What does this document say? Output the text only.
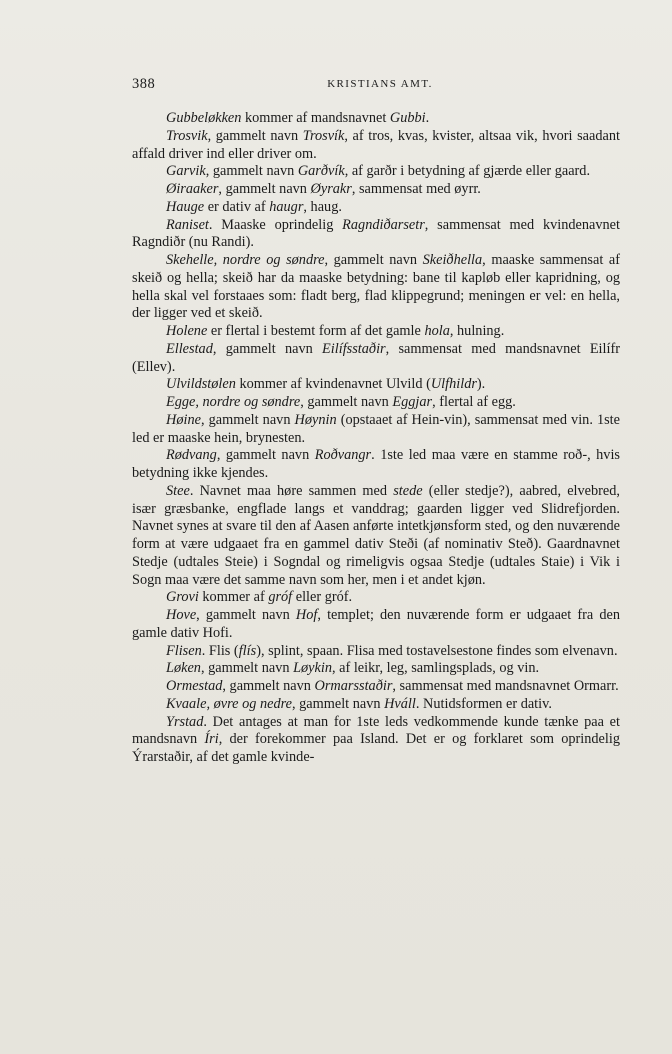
388	KRISTIANS AMT.

Gubbeløkken kommer af mandsnavnet Gubbi.

Trosvik, gammelt navn Trosvík, af tros, kvas, kvister, altsaa vik, hvori saadant affald driver ind eller driver om.

Garvik, gammelt navn Garðvík, af garðr i betydning af gjærde eller gaard.

Øiraaker, gammelt navn Øyrakr, sammensat med øyrr.

Hauge er dativ af haugr, haug.

Raniset. Maaske oprindelig Ragndiðarsetr, sammensat med kvindenavnet Ragndiðr (nu Randi).

Skehelle, nordre og søndre, gammelt navn Skeiðhella, maaske sammensat af skeið og hella; skeið har da maaske betydning: bane til kapløb eller kapridning, og hella skal vel forstaaes som: fladt berg, flad klippegrund; meningen er vel: en hella, der ligger ved et skeið.

Holene er flertal i bestemt form af det gamle hola, hulning.

Ellestad, gammelt navn Eilífsstaðir, sammensat med mandsnavnet Eilífr (Ellev).

Ulvildstølen kommer af kvindenavnet Ulvild (Ulfhildr).

Egge, nordre og søndre, gammelt navn Eggjar, flertal af egg.

Høine, gammelt navn Høynin (opstaaet af Hein-vin), sammensat med vin. 1ste led er maaske hein, brynesten.

Rødvang, gammelt navn Roðvangr. 1ste led maa være en stamme roð-, hvis betydning ikke kjendes.

Stee. Navnet maa høre sammen med stede (eller stedje?), aabred, elvebred, især græsbanke, engflade langs et vanddrag; gaarden ligger ved Slidrefjorden. Navnet synes at svare til den af Aasen anførte intetkjønsform sted, og den nuværende form at være udgaaet fra en gammel dativ Steði (af nominativ Steð). Gaardnavnet Stedje (udtales Steie) i Sogndal og rimeligvis ogsaa Stedje (udtales Staie) i Vik i Sogn maa være det samme navn som her, men i et andet kjøn.

Grovi kommer af gróf eller gróf.

Hove, gammelt navn Hof, templet; den nuværende form er udgaaet fra den gamle dativ Hofi.

Flisen. Flis (flís), splint, spaan. Flisa med tostavelsestone findes som elvenavn.

Løken, gammelt navn Løykin, af leikr, leg, samlingsplads, og vin.

Ormestad, gammelt navn Ormarsstaðir, sammensat med mandsnavnet Ormarr.

Kvaale, øvre og nedre, gammelt navn Hváll. Nutidsformen er dativ.

Yrstad. Det antages at man for 1ste leds vedkommende kunde tænke paa et mandsnavn Íri, der forekommer paa Island. Det er og forklaret som oprindelig Ýrarstaðir, af det gamle kvinde-
